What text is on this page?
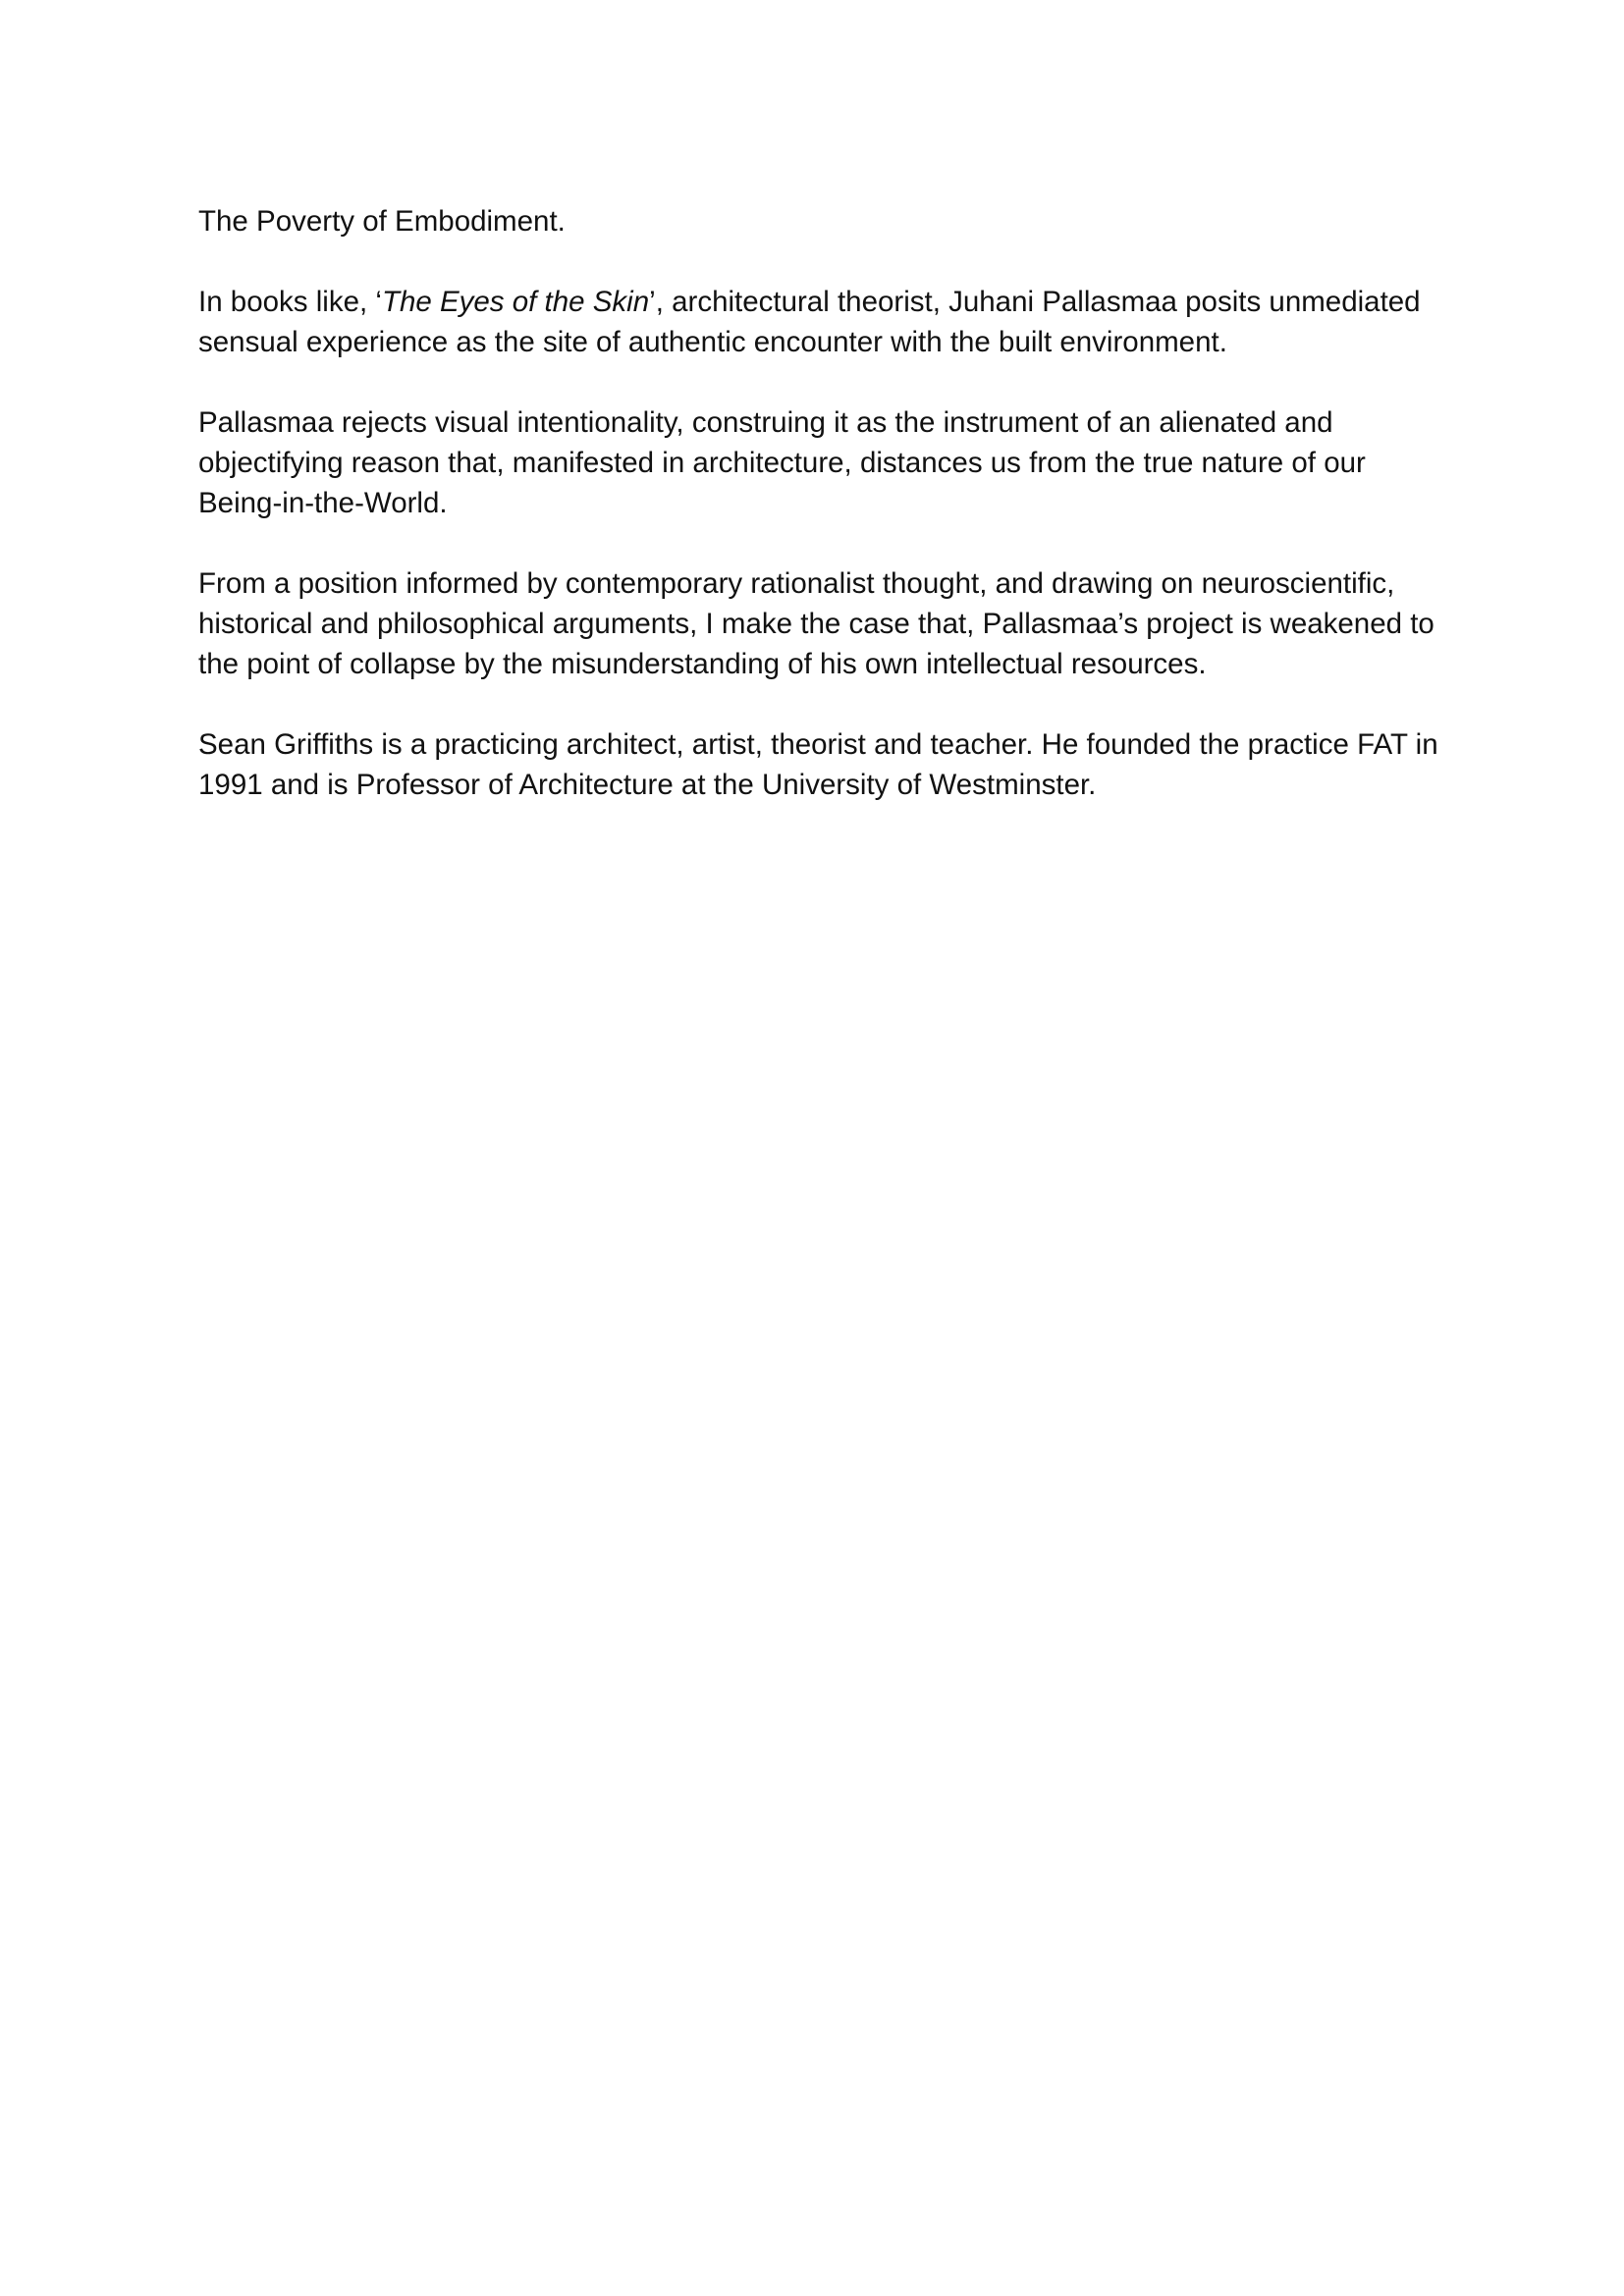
The Poverty of Embodiment.

In books like, ‘The Eyes of the Skin’, architectural theorist, Juhani Pallasmaa posits unmediated sensual experience as the site of authentic encounter with the built environment.

Pallasmaa rejects visual intentionality, construing it as the instrument of an alienated and objectifying reason that, manifested in architecture, distances us from the true nature of our Being-in-the-World.

From a position informed by contemporary rationalist thought, and drawing on neuroscientific, historical and philosophical arguments, I make the case that, Pallasmaa’s project is weakened to the point of collapse by the misunderstanding of his own intellectual resources.

Sean Griffiths is a practicing architect, artist, theorist and teacher. He founded the practice FAT in 1991 and is Professor of Architecture at the University of Westminster.
